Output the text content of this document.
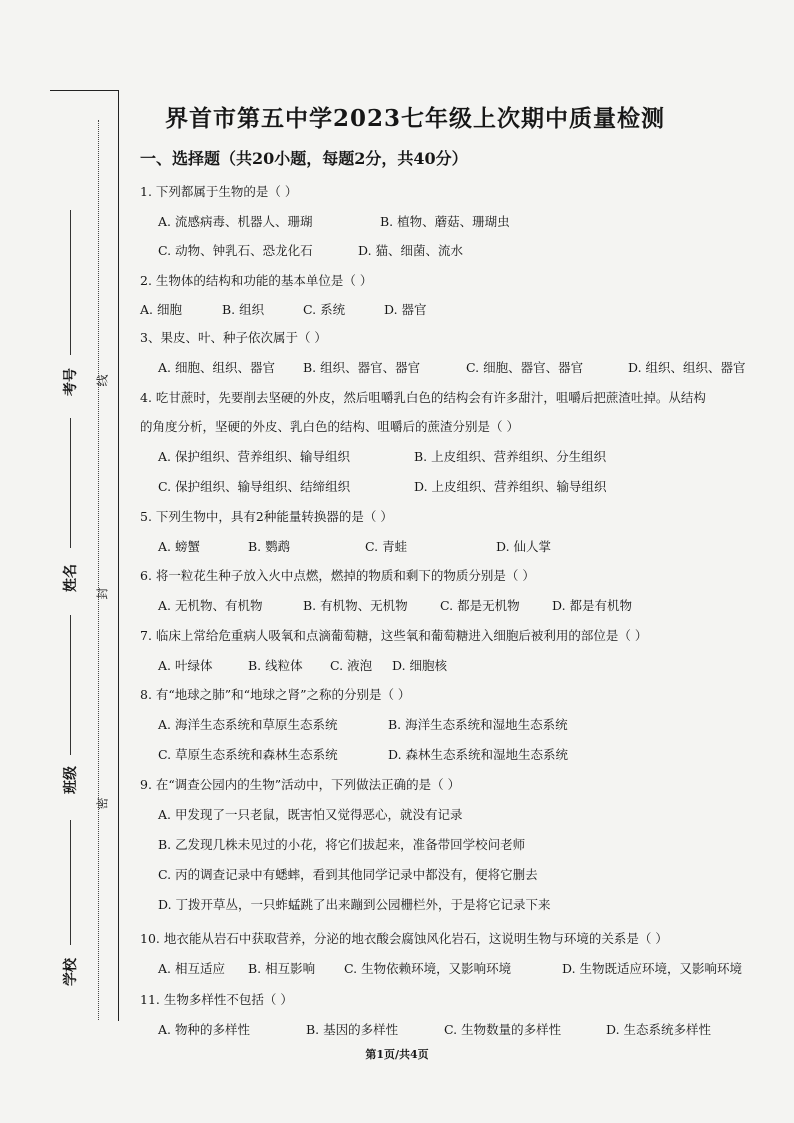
考号 线
姓名
封
班级
密
学校
界首市第五中学2023七年级上次期中质量检测
一、选择题（共20小题，每题2分，共40分）
1. 下列都属于生物的是（ ）
A. 流感病毒、机器人、珊瑚	B. 植物、蘑菇、珊瑚虫
C. 动物、钟乳石、恐龙化石	D. 猫、细菌、流水
2. 生物体的结构和功能的基本单位是（ ）
A. 细胞	B. 组织	C. 系统	D. 器官
3、果皮、叶、种子依次属于（ ）
A. 细胞、组织、器官 B. 组织、器官、器官	C. 细胞、器官、器官	D. 组织、组织、器官
4. 吃甘蔗时，先要削去坚硬的外皮，然后咀嚼乳白色的结构会有许多甜汁，咀嚼后把蔗渣吐掉。从结构
的角度分析，坚硬的外皮、乳白色的结构、咀嚼后的蔗渣分别是（ ）
A. 保护组织、营养组织、输导组织	B. 上皮组织、营养组织、分生组织
C. 保护组织、输导组织、结缔组织	D. 上皮组织、营养组织、输导组织
5. 下列生物中，具有2种能量转换器的是（ ）
A. 螃蟹	B. 鹦鹉	C. 青蛙	D. 仙人掌
6. 将一粒花生种子放入火中点燃，燃掉的物质和剩下的物质分别是（ ）
A. 无机物、有机物	B. 有机物、无机物	C. 都是无机物	D. 都是有机物
7. 临床上常给危重病人吸氧和点滴葡萄糖，这些氧和葡萄糖进入细胞后被利用的部位是（ ）
A. 叶绿体	B. 线粒体 C. 液泡 D. 细胞核
8. 有“地球之肺”和“地球之肾”之称的分别是（ ）
A. 海洋生态系统和草原生态系统	B. 海洋生态系统和湿地生态系统
C. 草原生态系统和森林生态系统	D. 森林生态系统和湿地生态系统
9. 在“调查公园内的生物”活动中，下列做法正确的是（ ）
A. 甲发现了一只老鼠，既害怕又觉得恶心，就没有记录
B. 乙发现几株未见过的小花，将它们拔起来，准备带回学校问老师
C. 丙的调查记录中有蟋蟀，看到其他同学记录中都没有，便将它删去
D. 丁拨开草丛，一只蚱蜢跳了出来蹦到公园栅栏外，于是将它记录下来
10. 地衣能从岩石中获取营养，分泌的地衣酸会腐蚀风化岩石，这说明生物与环境的关系是（ ）
A. 相互适应 B. 相互影响 C. 生物依赖环境，又影响环境	D. 生物既适应环境，又影响环境
11. 生物多样性不包括（ ）
A. 物种的多样性	B. 基因的多样性	C. 生物数量的多样性	D. 生态系统多样性
第1页/共4页
